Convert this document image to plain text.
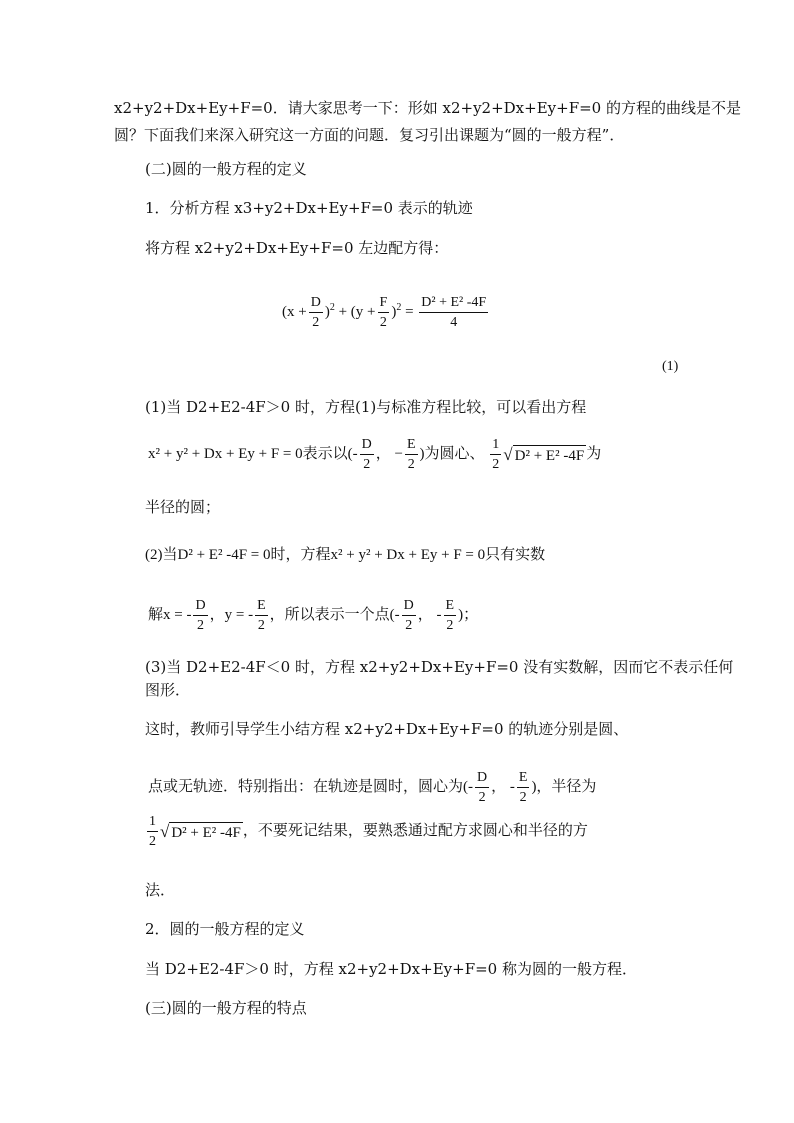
x2+y2+Dx+Ey+F=0．请大家思考一下：形如 x2+y2+Dx+Ey+F=0 的方程的曲线是不是
圆？下面我们来深入研究这一方面的问题．复习引出课题为“圆的一般方程”．
(二)圆的一般方程的定义
1．分析方程 x3+y2+Dx+Ey+F=0 表示的轨迹
将方程 x2+y2+Dx+Ey+F=0 左边配方得：
$(x + \frac{D}{2} )^2 + (y + \frac{F}{2} )^2 = \frac{\text{D² + E² -4F}}{4}$
(1)
(1)当 D2+E2-4F＞0 时，方程(1)与标准方程比较，可以看出方程
x² + y² + Dx + Ey + F = 0表示以(- $\frac{D}{2}$ ， − $\frac{E}{2}$ )为圆心、 $\frac{1}{2}$ √ D² + E² -4F 为
半径的圆；
(2)当D² + E² -4F = 0时，方程x² + y² + Dx + Ey + F = 0只有实数
解x = - $\frac{D}{2}$ ，y = - $\frac{E}{2}$ ，所以表示一个点(- $\frac{D}{2}$ ， - $\frac{E}{2}$ )；
(3)当 D2+E2-4F＜0 时，方程 x2+y2+Dx+Ey+F=0 没有实数解，因而它不表示任何
图形．
这时，教师引导学生小结方程 x2+y2+Dx+Ey+F=0 的轨迹分别是圆、
点或无轨迹．特别指出：在轨迹是圆时，圆心为(- $\frac{D}{2}$ ， - $\frac{E}{2}$ )，半径为
$\frac{1}{2}$ √ D² + E² -4F ，不要死记结果，要熟悉通过配方求圆心和半径的方
法．
2．圆的一般方程的定义
当 D2+E2-4F＞0 时，方程 x2+y2+Dx+Ey+F=0 称为圆的一般方程．
(三)圆的一般方程的特点
